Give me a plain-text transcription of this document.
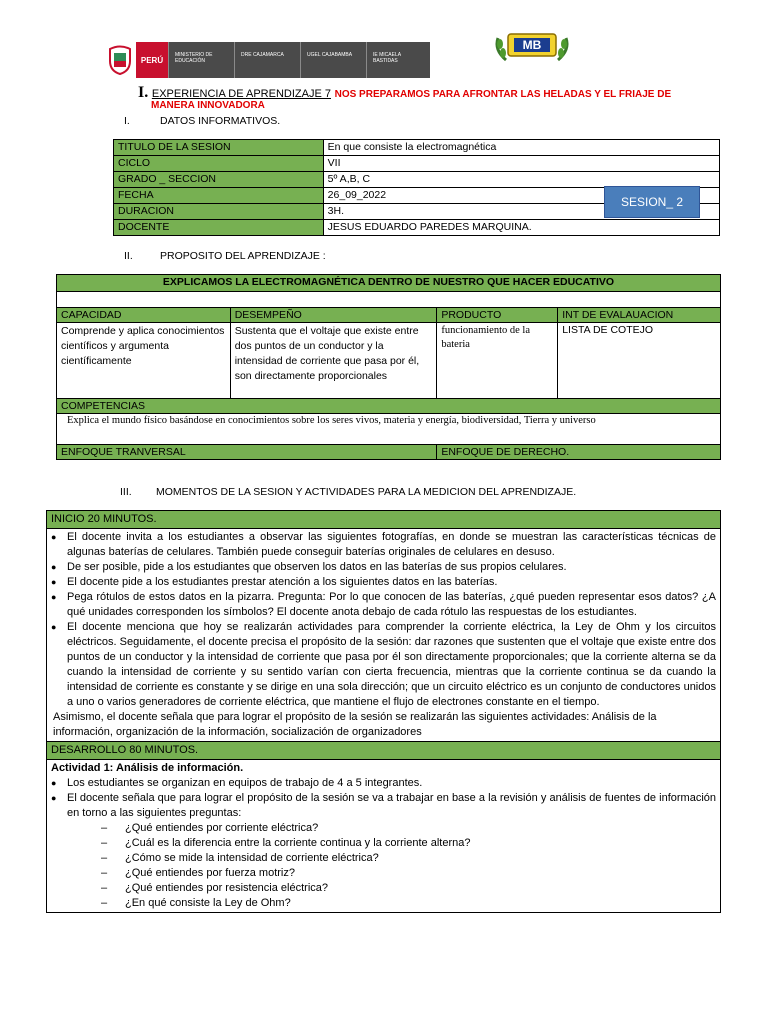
PERÚ
MINISTERIO DE EDUCACIÓN
DRE CAJAMARCA	UGEL CAJABAMBA	IE MICAELA BASTIDAS
MB
I. EXPERIENCIA DE APRENDIZAJE 7 NOS PREPARAMOS PARA AFRONTAR LAS HELADAS Y EL FRIAJE DE
MANERA INNOVADORA
I.	DATOS INFORMATIVOS.
TITULO DE LA SESION	En que consiste la electromagnética
CICLO	VII
GRADO _ SECCION	5º A,B, C
FECHA	26_09_2022
DURACION	3H.
DOCENTE	JESUS EDUARDO PAREDES MARQUINA.
SESION_ 2
II.	PROPOSITO DEL APRENDIZAJE :
EXPLICAMOS LA ELECTROMAGNÉTICA DENTRO DE NUESTRO QUE HACER EDUCATIVO			

CAPACIDAD	DESEMPEÑO	PRODUCTO	INT DE EVALAUACION
Comprende y aplica conocimientos científicos y argumenta científicamente	Sustenta que el voltaje que existe entre dos puntos de un conductor y la intensidad de corriente que pasa por él, son directamente proporcionales	funcionamiento de la bateria	LISTA DE COTEJO
COMPETENCIAS			
Explica el mundo físico basándose en conocimientos sobre los seres vivos, materia y energía, biodiversidad, Tierra y universo			
ENFOQUE TRANVERSAL		ENFOQUE DE DERECHO.	
III. MOMENTOS DE LA SESION Y ACTIVIDADES PARA LA MEDICION DEL APRENDIZAJE.
INICIO 20 MINUTOS.

● El docente invita a los estudiantes a observar las siguientes fotografías, en donde se muestran las características técnicas de algunas baterías de celulares. También puede conseguir baterías originales de celulares en desuso.
● De ser posible, pide a los estudiantes que observen los datos en las baterías de sus propios celulares.
● El docente pide a los estudiantes prestar atención a los siguientes datos en las baterías.
● Pega rótulos de estos datos en la pizarra. Pregunta: Por lo que conocen de las baterías, ¿qué pueden representar esos datos? ¿A qué unidades corresponden los símbolos? El docente anota debajo de cada rótulo las respuestas de los estudiantes.
● El docente menciona que hoy se realizarán actividades para comprender la corriente eléctrica, la Ley de Ohm y los circuitos eléctricos. Seguidamente, el docente precisa el propósito de la sesión: dar razones que sustenten que el voltaje que existe entre dos puntos de un conductor y la intensidad de corriente que pasa por él son directamente proporcionales; que la corriente alterna se da cuando la intensidad de corriente y su sentido varían con cierta frecuencia, mientras que la corriente continua se da cuando la intensidad de corriente es constante y se dirige en una sola dirección; que un circuito eléctrico es un conjunto de conductores unidos a uno o varios generadores de corriente eléctrica, que mantiene el flujo de electrones constante en el tiempo.
Asimismo, el docente señala que para lograr el propósito de la sesión se realizarán las siguientes actividades: Análisis de la información, organización de la información, socialización de organizadores

DESARROLLO 80 MINUTOS.

Actividad 1: Análisis de información.
● Los estudiantes se organizan en equipos de trabajo de 4 a 5 integrantes.
● El docente señala que para lograr el propósito de la sesión se va a trabajar en base a la revisión y análisis de fuentes de información en torno a las siguientes preguntas:
– ¿Qué entiendes por corriente eléctrica?
– ¿Cuál es la diferencia entre la corriente continua y la corriente alterna?
– ¿Cómo se mide la intensidad de corriente eléctrica?
– ¿Qué entiendes por fuerza motriz?
– ¿Qué entiendes por resistencia eléctrica?
– ¿En qué consiste la Ley de Ohm?
